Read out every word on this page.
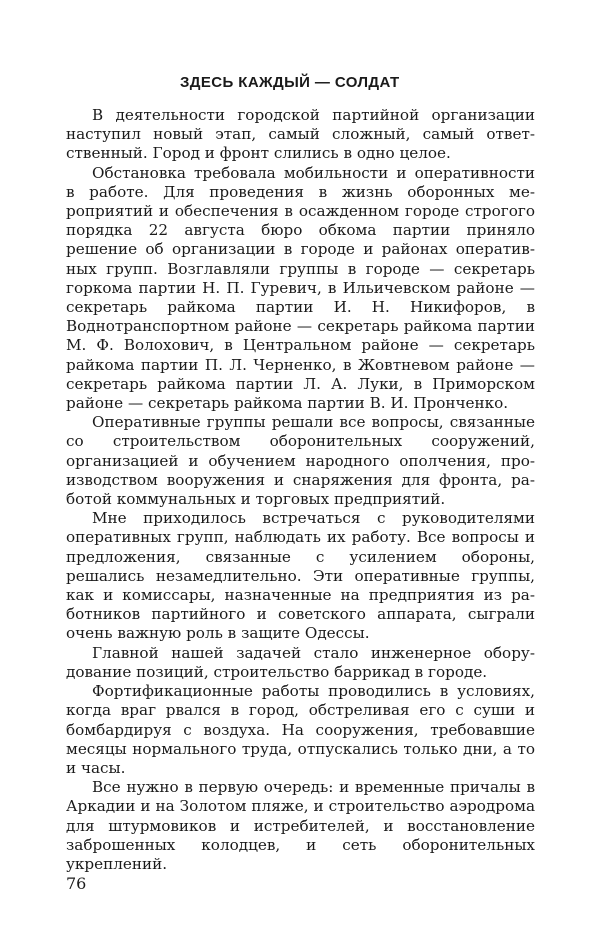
ЗДЕСЬ КАЖДЫЙ — СОЛДАТ

В деятельности городской партийной организации наступил новый этап, самый сложный, самый ответственный. Город и фронт слились в одно целое.

Обстановка требовала мобильности и оперативности в работе. Для проведения в жизнь оборонных мероприятий и обеспечения в осажденном городе строгого порядка 22 августа бюро обкома партии приняло решение об организации в городе и районах оперативных групп. Возглавляли группы в городе — секретарь горкома партии Н. П. Гуревич, в Ильичевском районе — секретарь райкома партии И. Н. Никифоров, в Воднотранспортном районе — секретарь райкома партии М. Ф. Волохович, в Центральном районе — секретарь райкома партии П. Л. Черненко, в Жовтневом районе — секретарь райкома партии Л. А. Луки, в Приморском районе — секретарь райкома партии В. И. Пронченко.

Оперативные группы решали все вопросы, связанные со строительством оборонительных сооружений, организацией и обучением народного ополчения, производством вооружения и снаряжения для фронта, работой коммунальных и торговых предприятий.

Мне приходилось встречаться с руководителями оперативных групп, наблюдать их работу. Все вопросы и предложения, связанные с усилением обороны, решались незамедлительно. Эти оперативные группы, как и комиссары, назначенные на предприятия из работников партийного и советского аппарата, сыграли очень важную роль в защите Одессы.

Главной нашей задачей стало инженерное оборудование позиций, строительство баррикад в городе.

Фортификационные работы проводились в условиях, когда враг рвался в город, обстреливая его с суши и бомбардируя с воздуха. На сооружения, требовавшие месяцы нормального труда, отпускались только дни, а то и часы.

Все нужно в первую очередь: и временные причалы в Аркадии и на Золотом пляже, и строительство аэродрома для штурмовиков и истребителей, и восстановление заброшенных колодцев, и сеть оборонительных укреплений.

76
